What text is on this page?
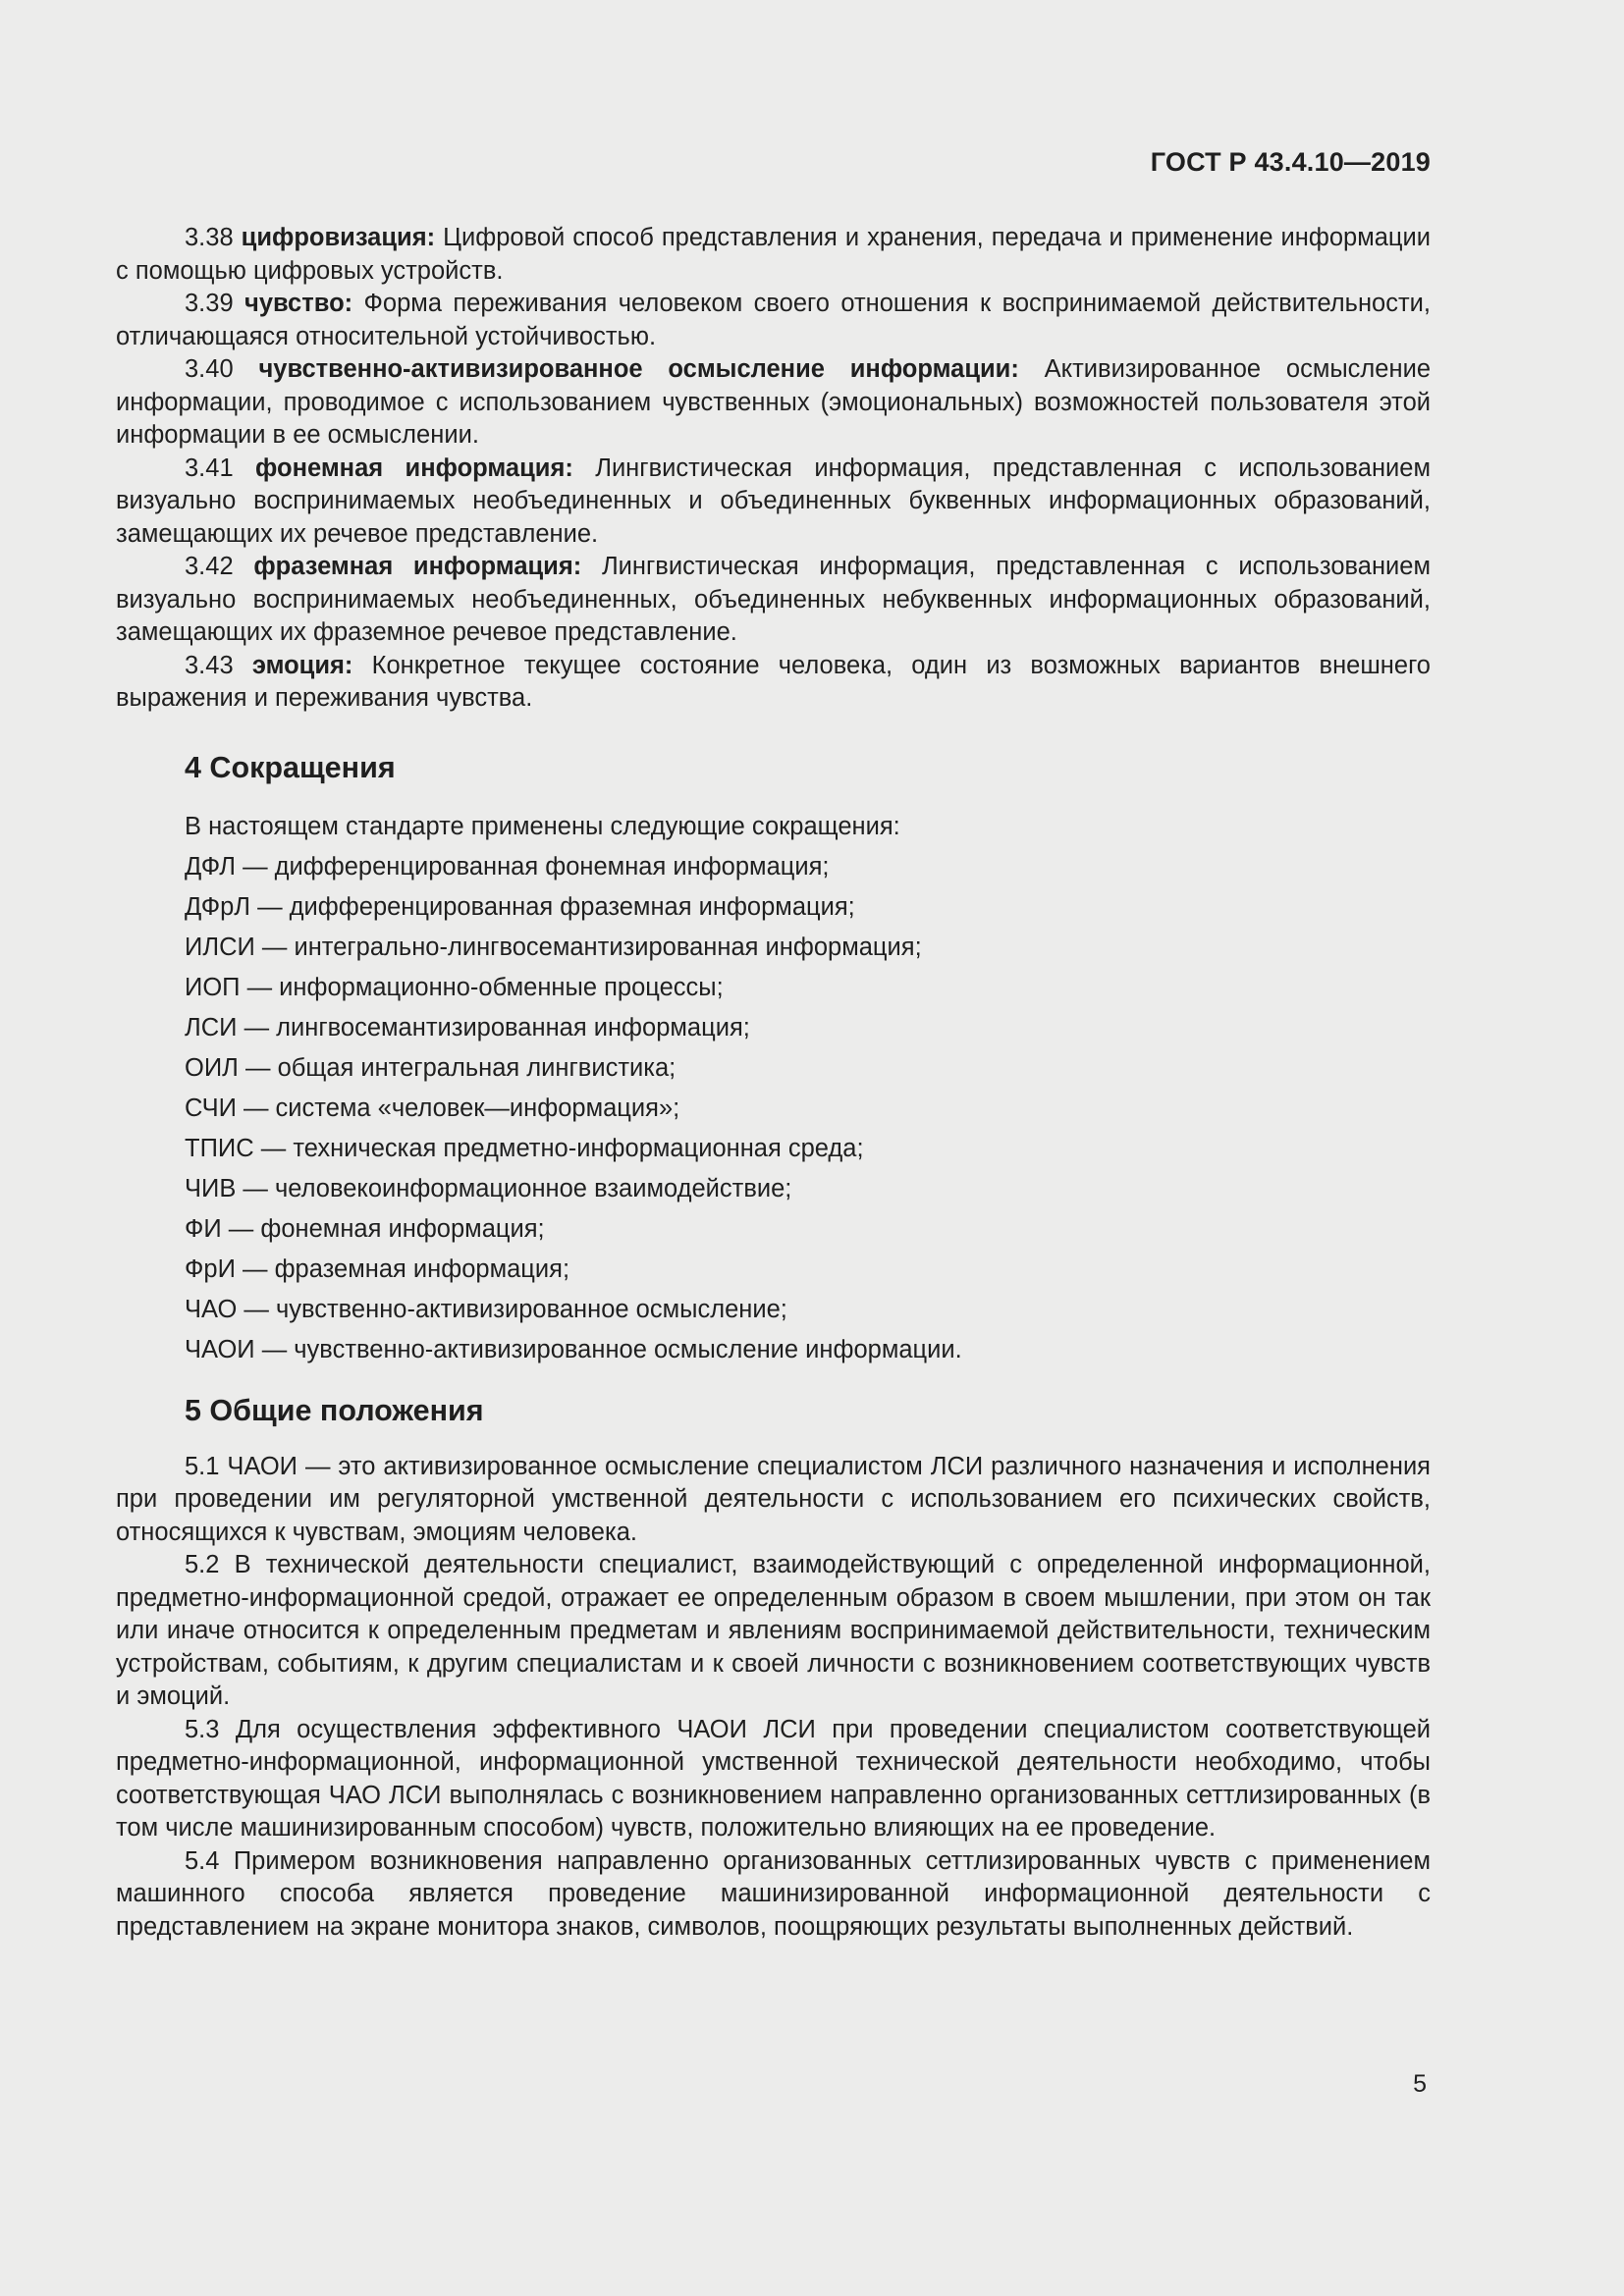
ГОСТ Р 43.4.10—2019

3.38 цифровизация: Цифровой способ представления и хранения, передача и применение информации с помощью цифровых устройств.

3.39 чувство: Форма переживания человеком своего отношения к воспринимаемой действительности, отличающаяся относительной устойчивостью.

3.40 чувственно-активизированное осмысление информации: Активизированное осмысление информации, проводимое с использованием чувственных (эмоциональных) возможностей пользователя этой информации в ее осмыслении.

3.41 фонемная информация: Лингвистическая информация, представленная с использованием визуально воспринимаемых необъединенных и объединенных буквенных информационных образований, замещающих их речевое представление.

3.42 фраземная информация: Лингвистическая информация, представленная с использованием визуально воспринимаемых необъединенных, объединенных небуквенных информационных образований, замещающих их фраземное речевое представление.

3.43 эмоция: Конкретное текущее состояние человека, один из возможных вариантов внешнего выражения и переживания чувства.

4 Сокращения
В настоящем стандарте применены следующие сокращения:
ДФЛ — дифференцированная фонемная информация;
ДФрЛ — дифференцированная фраземная информация;
ИЛСИ — интегрально-лингвосемантизированная информация;
ИОП — информационно-обменные процессы;
ЛСИ — лингвосемантизированная информация;
ОИЛ — общая интегральная лингвистика;
СЧИ — система «человек—информация»;
ТПИС — техническая предметно-информационная среда;
ЧИВ — человекоинформационное взаимодействие;
ФИ — фонемная информация;
ФрИ — фраземная информация;
ЧАО — чувственно-активизированное осмысление;
ЧАОИ — чувственно-активизированное осмысление информации.
5 Общие положения

5.1 ЧАОИ — это активизированное осмысление специалистом ЛСИ различного назначения и исполнения при проведении им регуляторной умственной деятельности с использованием его психических свойств, относящихся к чувствам, эмоциям человека.

5.2 В технической деятельности специалист, взаимодействующий с определенной информационной, предметно-информационной средой, отражает ее определенным образом в своем мышлении, при этом он так или иначе относится к определенным предметам и явлениям воспринимаемой действительности, техническим устройствам, событиям, к другим специалистам и к своей личности с возникновением соответствующих чувств и эмоций.

5.3 Для осуществления эффективного ЧАОИ ЛСИ при проведении специалистом соответствующей предметно-информационной, информационной умственной технической деятельности необходимо, чтобы соответствующая ЧАО ЛСИ выполнялась с возникновением направленно организованных сеттлизированных (в том числе машинизированным способом) чувств, положительно влияющих на ее проведение.

5.4 Примером возникновения направленно организованных сеттлизированных чувств с применением машинного способа является проведение машинизированной информационной деятельности с представлением на экране монитора знаков, символов, поощряющих результаты выполненных действий.

5
